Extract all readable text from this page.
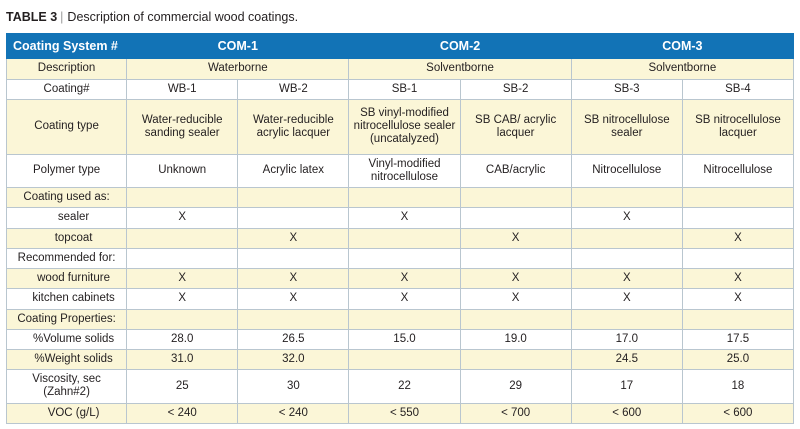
TABLE 3 | Description of commercial wood coatings.
Coating System #	COM-1		COM-2		COM-3	
Description	Waterborne		Solventborne		Solventborne	
Coating#	WB-1	WB-2	SB-1	SB-2	SB-3	SB-4
Coating type	Water-reducible sanding sealer	Water-reducible acrylic lacquer	SB vinyl-modified nitrocellulose sealer (uncatalyzed)	SB CAB/ acrylic lacquer	SB nitrocellulose sealer	SB nitrocellulose lacquer
Polymer type	Unknown	Acrylic latex	Vinyl-modified nitrocellulose	CAB/acrylic	Nitrocellulose	Nitrocellulose
Coating used as:						
sealer	X		X		X	
topcoat		X		X		X
Recommended for:						
wood furniture	X	X	X	X	X	X
kitchen cabinets	X	X	X	X	X	X
Coating Properties:						
%Volume solids	28.0	26.5	15.0	19.0	17.0	17.5
%Weight solids	31.0	32.0			24.5	25.0
Viscosity, sec (Zahn#2)	25	30	22	29	17	18
VOC (g/L)	< 240	< 240	< 550	< 700	< 600	< 600
